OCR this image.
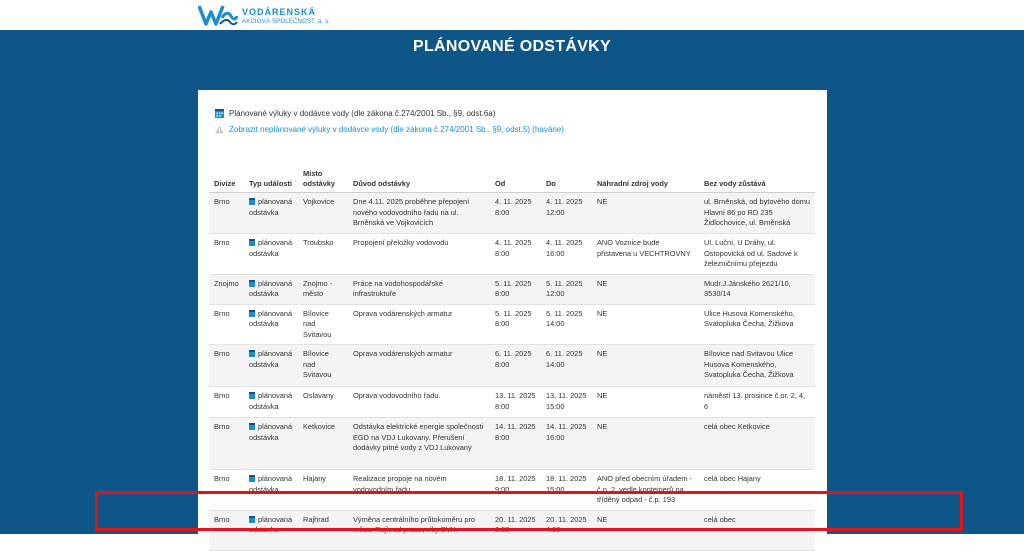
VODÁRENSKÁ
AKCIOVÁ SPOLEČNOST, a. s.
PLÁNOVANÉ ODSTÁVKY
Plánované výluky v dodávce vody (dle zákona č.274/2001 Sb., §9, odst.6a)
Zobrazit neplánované výluky v dodávce vody (dle zákona č.274/2001 Sb., §9, odst.5) (havárie)
Divize	Typ události	Místo odstávky	Důvod odstávky	Od	Do	Náhradní zdroj vody	Bez vody zůstává
Brno	plánovaná odstávka	Vojkovice	Dne 4.11. 2025 proběhne přepojení nového vodovodního řadu na ul. Brněnská ve Vojkovicích	4. 11. 2025 8:00	4. 11. 2025 12:00	NE	ul. Brněnská, od bytového domu Hlavní 86 po RD 235 Židlochovice, ul. Brněnská
Brno	plánovaná odstávka	Troubsko	Propojení přeložky vodovodu	4. 11. 2025 8:00	4. 11. 2025 16:00	ANO Voznice bude přistavena u VECHTROVNY	Ul. Luční, U Dráhy, ul. Ostopovická od ul. Sadové k železničnímu přejezdu
Znojmo	plánovaná odstávka	Znojmo - město	Práce na vodohospodářské infrastruktuře	5. 11. 2025 8:00	5. 11. 2025 12:00	NE	Mudr.J.Jánského 2621/10, 3530/14
Brno	plánovaná odstávka	Bílovice nad Svitavou	Oprava vodárenských armatur	5. 11. 2025 8:00	5. 11. 2025 14:00	NE	Ulice Husova Komenského, Svatopluka Čecha, Žižkova
Brno	plánovaná odstávka	Bílovice nad Svitavou	Oprava vodárenských armatur	6. 11. 2025 8:00	6. 11. 2025 14:00	NE	Bílovice nad Svitavou Ulice Husova Komenského, Svatopluka Čecha, Žižkova
Brno	plánovaná odstávka	Oslavany	Oprava vodovodního řadu.	13. 11. 2025 8:00	13. 11. 2025 15:00	NE	náměstí 13. prosince č.or. 2, 4, 6
Brno	plánovaná odstávka	Ketkovice	Odstávka elektrické energie společnosti EGD na VDJ Lukovany. Přerušení dodávky pitné vody z VDJ Lukovany	14. 11. 2025 8:00	14. 11. 2025 16:00	NE	celá obec Ketkovice
Brno	plánovaná odstávka	Hajany	Realizace propoje na novém vodovodním řadu.	18. 11. 2025 9:00	18. 11. 2025 15:00	ANO před obecním úřadem - č.p. 2, vedle kontejnerů na tříděný odpad - č.p. 193	celá obec Hajany
Brno	plánovaná odstávka	Rajhrad	Výměna centrálního průtokoměru pro město Rajhrad pracovníky BVK.	20. 11. 2025 2:00	20. 11. 2025 4:00	NE	celá obec
